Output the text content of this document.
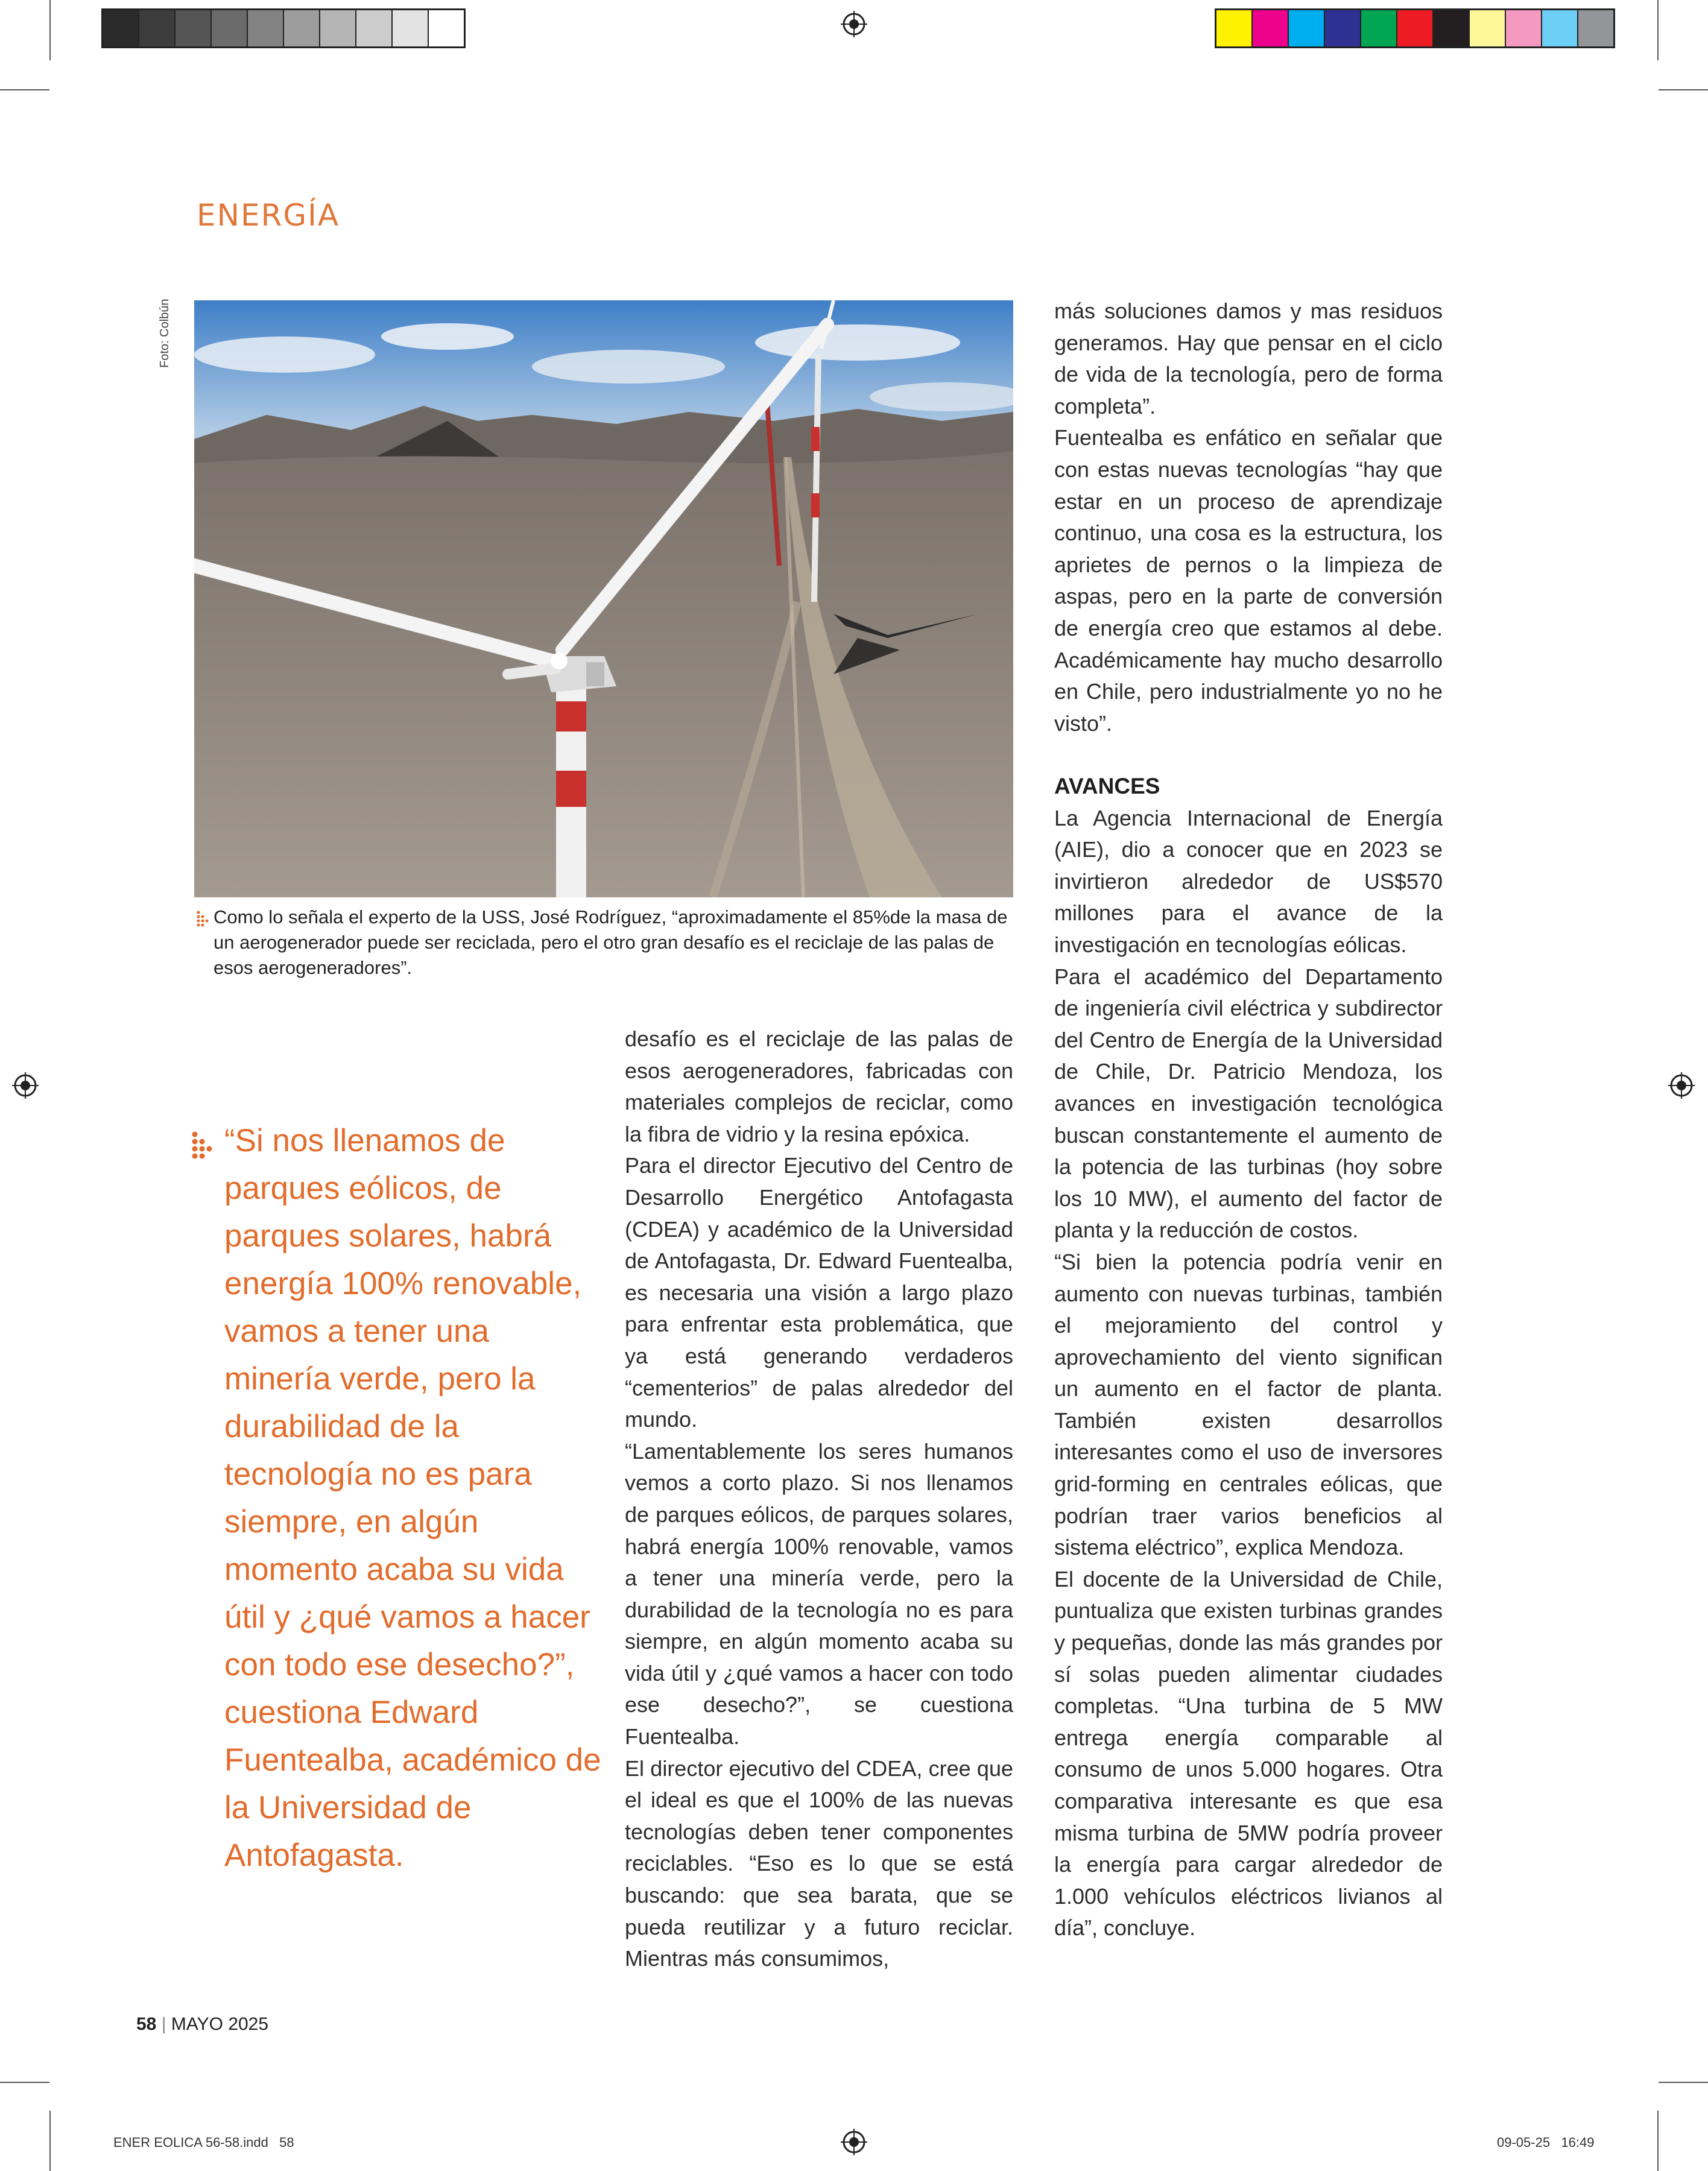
ENERGÍA
Foto: Colbún
Como lo señala el experto de la USS, José Rodríguez, “aproximadamente el 85%de la masa de un aerogenerador puede ser reciclada, pero el otro gran desafío es el reciclaje de las palas de esos aerogeneradores”.
“Si nos llenamos de parques eólicos, de parques solares, habrá energía 100% renovable, vamos a tener una minería verde, pero la durabilidad de la tecnología no es para siempre, en algún momento acaba su vida útil y ¿qué vamos a hacer con todo ese desecho?”, cuestiona Edward Fuentealba, académico de la Universidad de Antofagasta.

desafío es el reciclaje de las palas de esos aerogeneradores, fabricadas con materiales complejos de reciclar, como la fibra de vidrio y la resina epóxica.

Para el director Ejecutivo del Centro de Desarrollo Energético Antofagasta (CDEA) y académico de la Universidad de Antofagasta, Dr. Edward Fuentealba, es necesaria una visión a largo plazo para enfrentar esta problemática, que ya está generando verdaderos “cementerios” de palas alrededor del mundo.

“Lamentablemente los seres humanos vemos a corto plazo. Si nos llenamos de parques eólicos, de parques solares, habrá energía 100% renovable, vamos a tener una minería verde, pero la durabilidad de la tecnología no es para siempre, en algún momento acaba su vida útil y ¿qué vamos a hacer con todo ese desecho?”, se cuestiona Fuentealba.

El director ejecutivo del CDEA, cree que el ideal es que el 100% de las nuevas tecnologías deben tener componentes reciclables. “Eso es lo que se está buscando: que sea barata, que se pueda reutilizar y a futuro reciclar. Mientras más consumimos,

más soluciones damos y mas residuos generamos. Hay que pensar en el ciclo de vida de la tecnología, pero de forma completa”.

Fuentealba es enfático en señalar que con estas nuevas tecnologías “hay que estar en un proceso de aprendizaje continuo, una cosa es la estructura, los aprietes de pernos o la limpieza de aspas, pero en la parte de conversión de energía creo que estamos al debe. Académicamente hay mucho desarrollo en Chile, pero industrialmente yo no he visto”.

AVANCES

La Agencia Internacional de Energía (AIE), dio a conocer que en 2023 se invirtieron alrededor de US$570 millones para el avance de la investigación en tecnologías eólicas.

Para el académico del Departamento de ingeniería civil eléctrica y subdirector del Centro de Energía de la Universidad de Chile, Dr. Patricio Mendoza, los avances en investigación tecnológica buscan constantemente el aumento de la potencia de las turbinas (hoy sobre los 10 MW), el aumento del factor de planta y la reducción de costos.

“Si bien la potencia podría venir en aumento con nuevas turbinas, también el mejoramiento del control y aprovechamiento del viento significan un aumento en el factor de planta. También existen desarrollos interesantes como el uso de inversores grid-forming en centrales eólicas, que podrían traer varios beneficios al sistema eléctrico”, explica Mendoza.

El docente de la Universidad de Chile, puntualiza que existen turbinas grandes y pequeñas, donde las más grandes por sí solas pueden alimentar ciudades completas. “Una turbina de 5 MW entrega energía comparable al consumo de unos 5.000 hogares. Otra comparativa interesante es que esa misma turbina de 5MW podría proveer la energía para cargar alrededor de 1.000 vehículos eléctricos livianos al día”, concluye.

58 | MAYO 2025
ENER EOLICA 56-58.indd   58	09-05-25   16:49
